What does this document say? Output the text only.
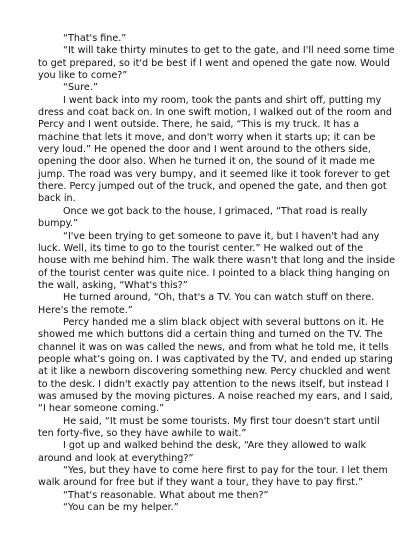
“That's fine.”

“It will take thirty minutes to get to the gate, and I'll need some time to get prepared, so it'd be best if I went and opened the gate now. Would you like to come?”

“Sure.”

I went back into my room, took the pants and shirt off, putting my dress and coat back on. In one swift motion, I walked out of the room and Percy and I went outside. There, he said, “This is my truck. It has a machine that lets it move, and don't worry when it starts up; it can be very loud.” He opened the door and I went around to the others side, opening the door also. When he turned it on, the sound of it made me jump. The road was very bumpy, and it seemed like it took forever to get there. Percy jumped out of the truck, and opened the gate, and then got back in.

Once we got back to the house, I grimaced, “That road is really bumpy.”

“I've been trying to get someone to pave it, but I haven't had any luck. Well, its time to go to the tourist center.” He walked out of the house with me behind him. The walk there wasn't that long and the inside of the tourist center was quite nice. I pointed to a black thing hanging on the wall, asking, “What's this?”

He turned around, “Oh, that's a TV. You can watch stuff on there. Here's the remote.”

Percy handed me a slim black object with several buttons on it. He showed me which buttons did a certain thing and turned on the TV. The channel it was on was called the news, and from what he told me, it tells people what’s going on. I was captivated by the TV, and ended up staring at it like a newborn discovering something new. Percy chuckled and went to the desk. I didn't exactly pay attention to the news itself, but instead I was amused by the moving pictures. A noise reached my ears, and I said, “I hear someone coming.”

He said, “It must be some tourists. My first tour doesn't start until ten forty-five, so they have awhile to wait.”

I got up and walked behind the desk, “Are they allowed to walk around and look at everything?”

“Yes, but they have to come here first to pay for the tour. I let them walk around for free but if they want a tour, they have to pay first.”

“That's reasonable. What about me then?”

“You can be my helper.”
